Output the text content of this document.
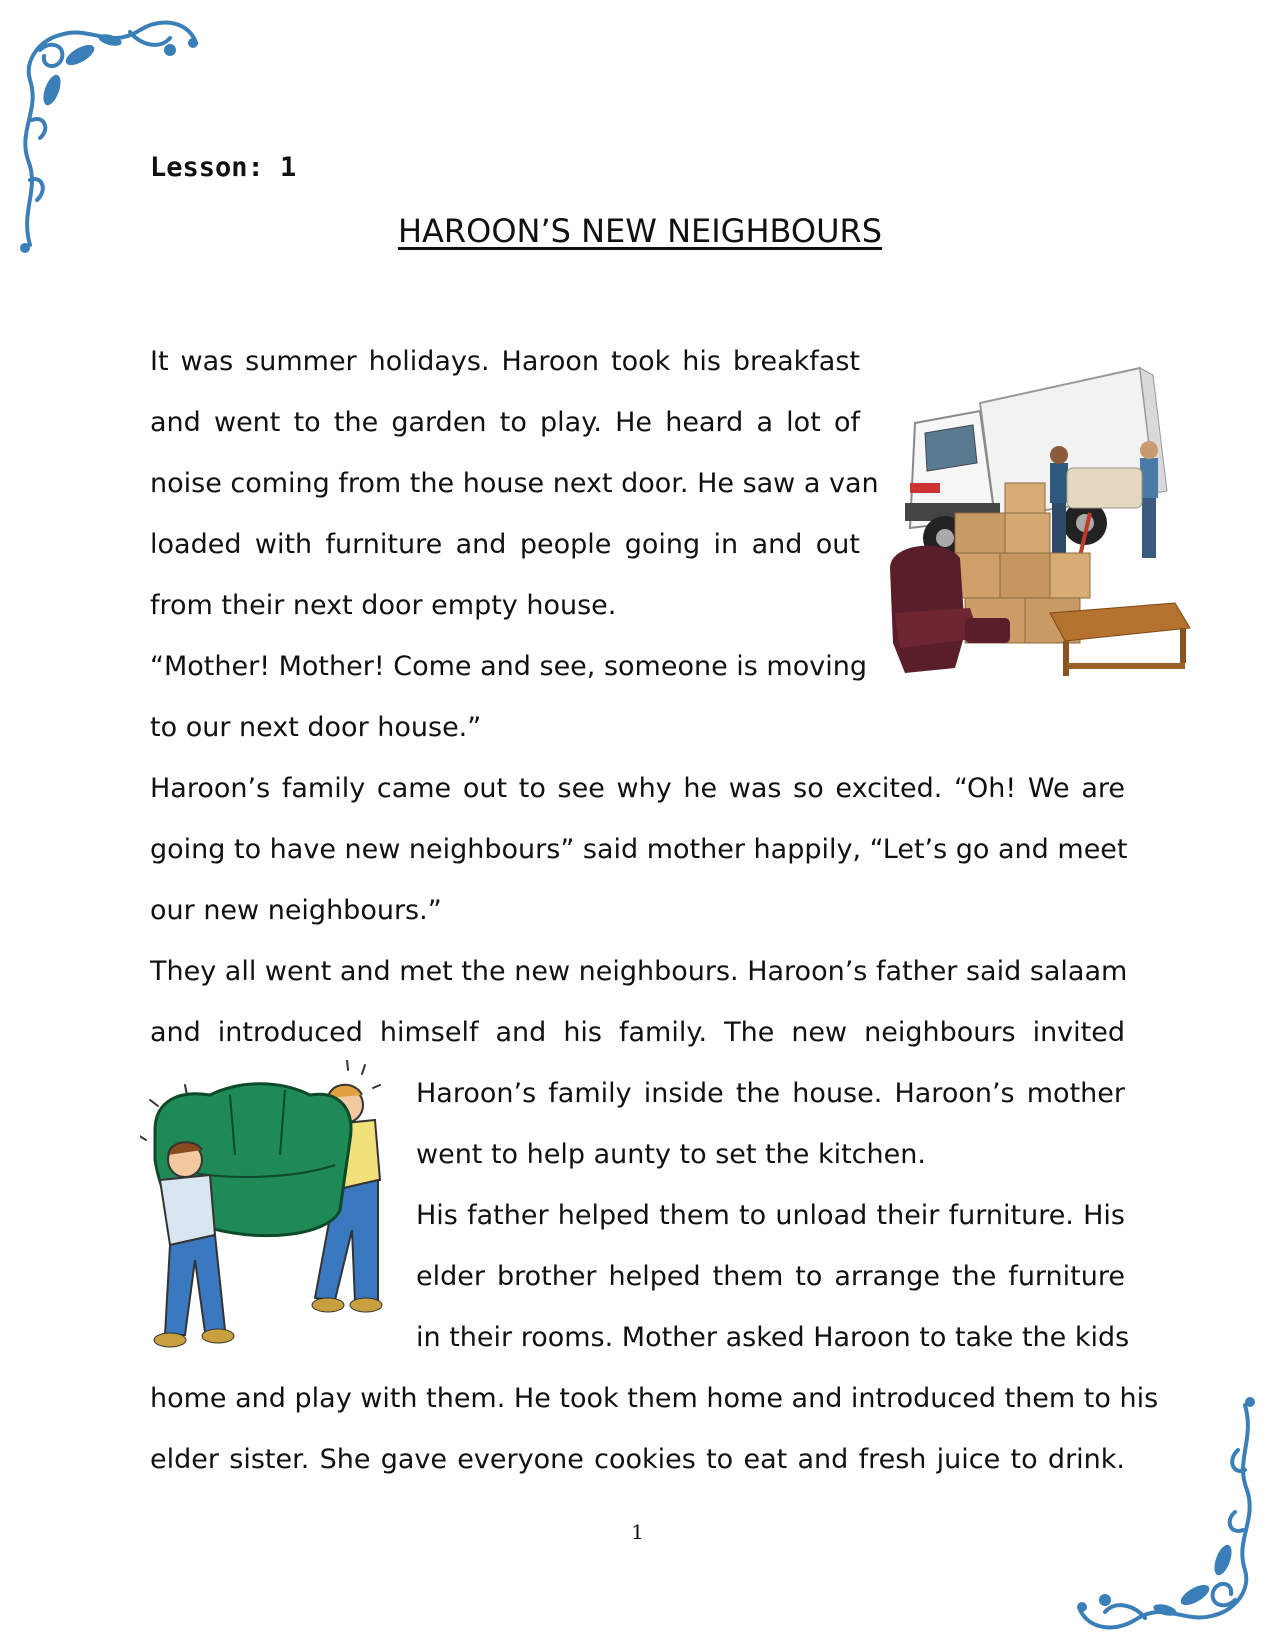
Lesson: 1
HAROON’S NEW NEIGHBOURS
It was summer holidays. Haroon took his breakfast
and went to the garden to play. He heard a lot of
noise coming from the house next door. He saw a van
loaded with furniture and people going in and out
from their next door empty house.
“Mother! Mother! Come and see, someone is moving
to our next door house.”
Haroon’s family came out to see why he was so excited. “Oh! We are
going to have new neighbours” said mother happily, “Let’s go and meet
our new neighbours.”
They all went and met the new neighbours. Haroon’s father said salaam
and introduced himself and his family. The new neighbours invited
Haroon’s family inside the house. Haroon’s mother
went to help aunty to set the kitchen.
His father helped them to unload their furniture. His
elder brother helped them to arrange the furniture
in their rooms. Mother asked Haroon to take the kids
home and play with them. He took them home and introduced them to his
elder sister. She gave everyone cookies to eat and fresh juice to drink.
1
